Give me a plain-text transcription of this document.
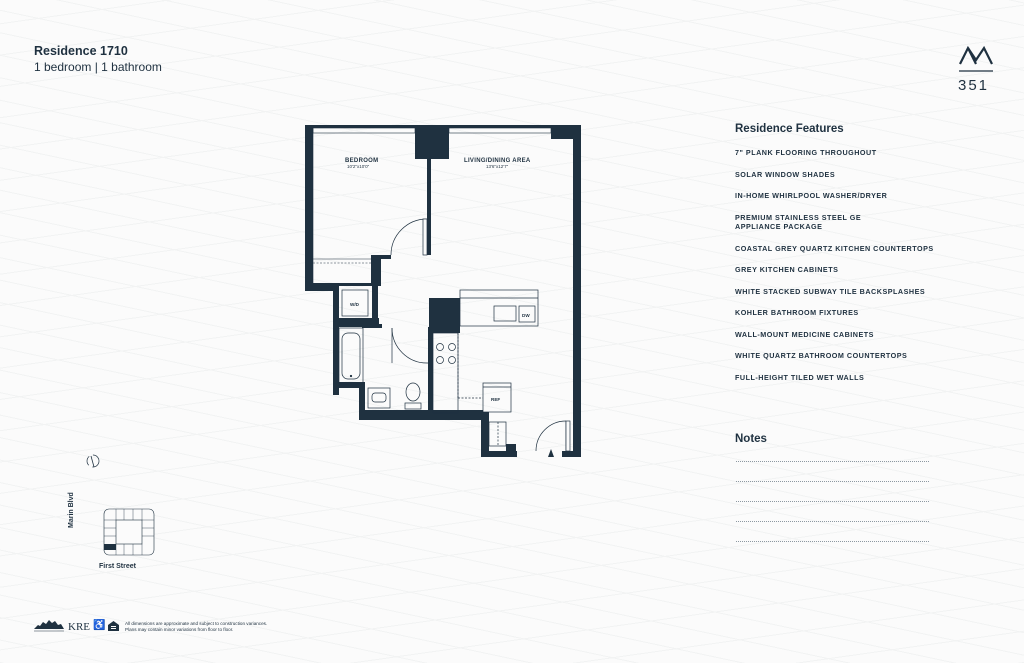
Residence 1710
1 bedroom | 1 bathroom
351
W/D
DW
REF
BEDROOM
10'2"x10'0"
LIVING/DINING AREA
13'6"x12'7"
Residence Features
7" PLANK FLOORING THROUGHOUT
SOLAR WINDOW SHADES
IN-HOME WHIRLPOOL WASHER/DRYER
PREMIUM STAINLESS STEEL GE APPLIANCE PACKAGE
COASTAL GREY QUARTZ KITCHEN COUNTERTOPS
GREY KITCHEN CABINETS
WHITE STACKED SUBWAY TILE BACKSPLASHES
KOHLER BATHROOM FIXTURES
WALL-MOUNT MEDICINE CABINETS
WHITE QUARTZ BATHROOM COUNTERTOPS
FULL-HEIGHT TILED WET WALLS
Notes
Marin Blvd
First Street
KRE ♿	All dimensions are approximate and subject to construction variances.
Plans may contain minor variations from floor to floor.
